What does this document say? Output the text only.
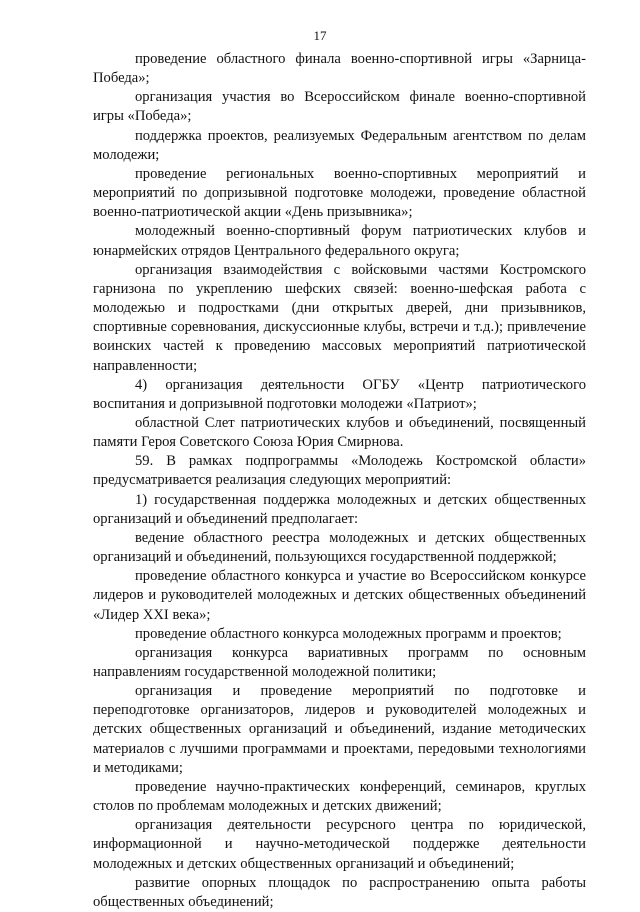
17

проведение областного финала военно-спортивной игры «Зарница-Победа»;

организация участия во Всероссийском финале военно-спортивной игры «Победа»;

поддержка проектов, реализуемых Федеральным агентством по делам молодежи;

проведение региональных военно-спортивных мероприятий и мероприятий по допризывной подготовке молодежи, проведение областной военно-патриотической акции «День призывника»;

молодежный военно-спортивный форум патриотических клубов и юнармейских отрядов Центрального федерального округа;

организация взаимодействия с войсковыми частями Костромского гарнизона по укреплению шефских связей: военно-шефская работа с молодежью и подростками (дни открытых дверей, дни призывников, спортивные соревнования, дискуссионные клубы, встречи и т.д.); привлечение воинских частей к проведению массовых мероприятий патриотической направленности;

4) организация деятельности ОГБУ «Центр патриотического воспитания и допризывной подготовки молодежи «Патриот»;

областной Слет патриотических клубов и объединений, посвященный памяти Героя Советского Союза Юрия Смирнова.

59. В рамках подпрограммы «Молодежь Костромской области» предусматривается реализация следующих мероприятий:

1) государственная поддержка молодежных и детских общественных организаций и объединений предполагает:

ведение областного реестра молодежных и детских общественных организаций и объединений, пользующихся государственной поддержкой;

проведение областного конкурса и участие во Всероссийском конкурсе лидеров и руководителей молодежных и детских общественных объединений «Лидер XXI века»;

проведение областного конкурса молодежных программ и проектов;

организация конкурса вариативных программ по основным направлениям государственной молодежной политики;

организация и проведение мероприятий по подготовке и переподготовке организаторов, лидеров и руководителей молодежных и детских общественных организаций и объединений, издание методических материалов с лучшими программами и проектами, передовыми технологиями и методиками;

проведение научно-практических конференций, семинаров, круглых столов по проблемам молодежных и детских движений;

организация деятельности ресурсного центра по юридической, информационной и научно-методической поддержке деятельности молодежных и детских общественных организаций и объединений;

развитие опорных площадок по распространению опыта работы общественных объединений;
